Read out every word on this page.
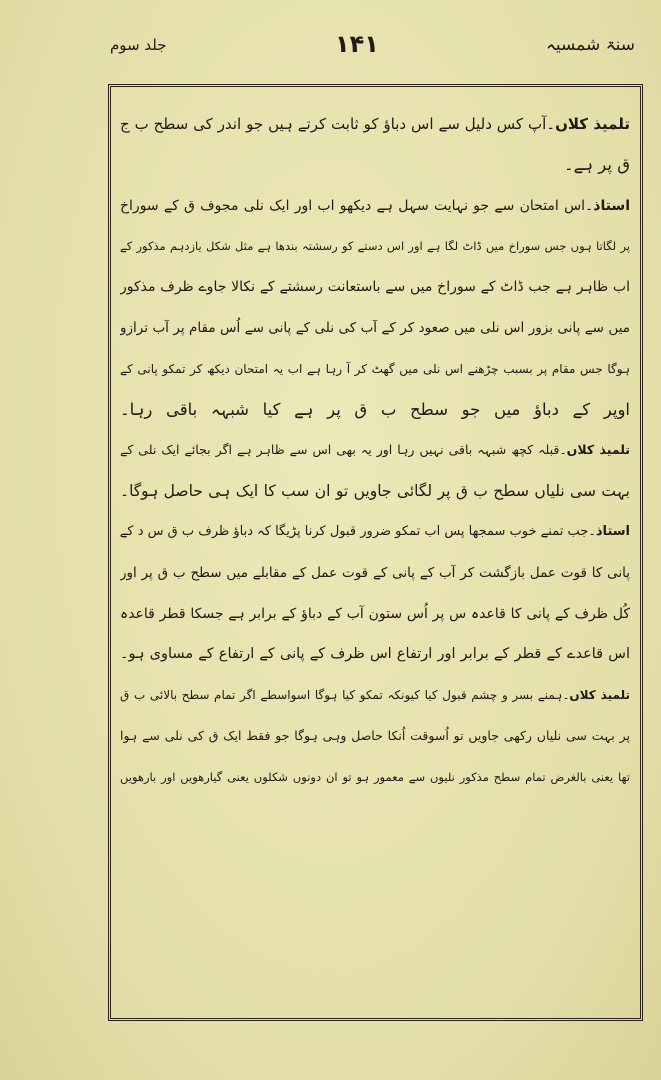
جلد سوم	۱۴۱	سنۃ شمسیہ
تلمیذ کلاں۔آپ کس دلیل سے اس دباؤ کو ثابت کرتے ہیں جو اندر کی سطح ب ج
ق پر ہے۔
استاذ۔اس امتحان سے جو نہایت سہل ہے دیکھو اب اور ایک نلی مجوف ق کے سوراخ
پر لگاتا ہوں جس سوراخ میں ڈاٹ لگا ہے اور اس دستے کو رسشتہ بندھا ہے مثل شکل یازدہم مذکور کے
اب ظاہر ہے جب ڈاٹ کے سوراخ میں سے باستعانت رسشتے کے نکالا جاوے ظرف مذکور
میں سے پانی بزور اس نلی میں صعود کر کے آب کی نلی کے پانی سے اُس مقام پر آب ترازو
ہوگا جس مقام پر بسبب چڑھنے اس نلی میں گھٹ کر آ رہا ہے اب یہ امتحان دیکھ کر تمکو پانی کے
اوپر کے دباؤ میں جو سطح ب ق پر ہے کیا شبہہ باقی رہا۔
تلمیذ کلاں۔قبلہ کچھ شبہہ باقی نہیں رہا اور یہ بھی اس سے ظاہر ہے اگر بجائے ایک نلی کے
بہت سی نلیاں سطح ب ق پر لگائی جاویں تو ان سب کا ایک ہی حاصل ہوگا۔
استاذ۔جب تمنے خوب سمجھا پس اب تمکو ضرور قبول کرنا پڑیگا کہ دباؤ ظرف ب ق س د کے
پانی کا قوت عمل بازگشت کر آب کے پانی کے قوت عمل کے مقابلے میں سطح ب ق پر اور
کُل ظرف کے پانی کا قاعدہ س پر اُس ستون آب کے دباؤ کے برابر ہے جسکا قطر قاعدہ
اس قاعدے کے قطر کے برابر اور ارتفاع اس ظرف کے پانی کے ارتفاع کے مساوی ہو۔
تلمیذ کلاں۔ہمنے بسر و چشم قبول کیا کیونکہ تمکو کیا ہوگا اسواسطے اگر تمام سطح بالائی ب ق
پر بہت سی نلیاں رکھی جاویں تو اُسوقت اُنکا حاصل وہی ہوگا جو فقط ایک ق کی نلی سے ہوا
تھا یعنی بالغرض تمام سطح مذکور نلیوں سے معمور ہو تو ان دونوں شکلوں یعنی گیارھویں اور بارھویں
